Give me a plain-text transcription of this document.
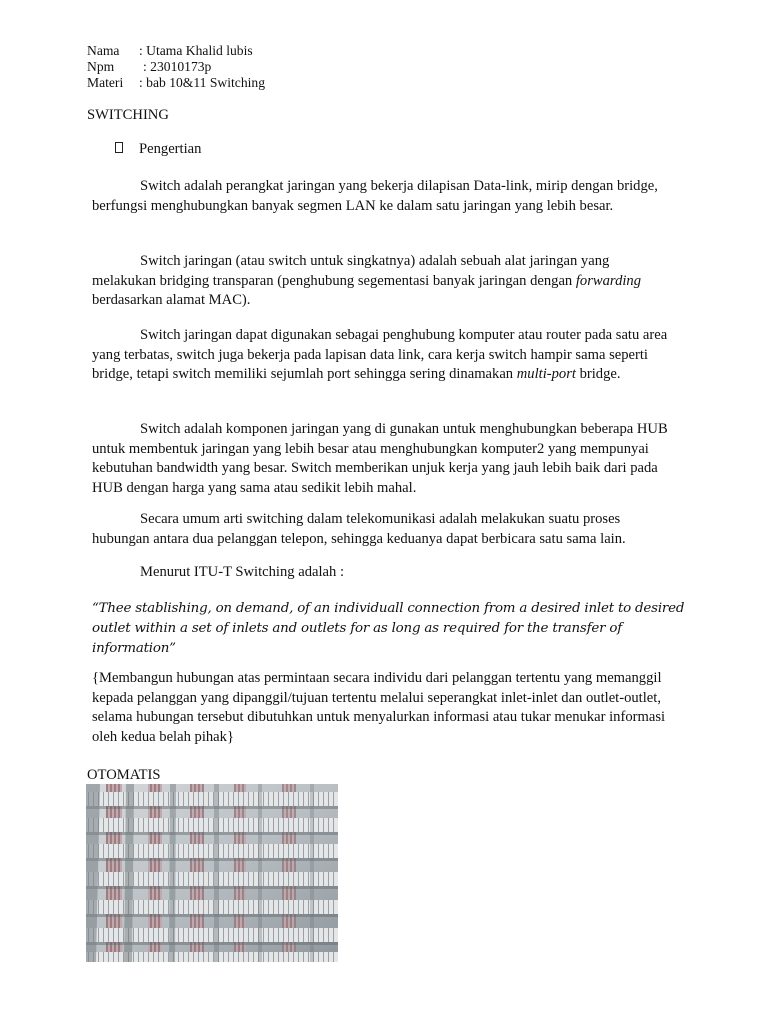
Nama : Utama Khalid lubis
Npm : 23010173p
Materi : bab 10&11 Switching
SWITCHING
Pengertian
Switch adalah perangkat jaringan yang bekerja dilapisan Data-link, mirip dengan bridge, berfungsi menghubungkan banyak segmen LAN ke dalam satu jaringan yang lebih besar.
Switch jaringan (atau switch untuk singkatnya) adalah sebuah alat jaringan yang melakukan bridging transparan (penghubung segementasi banyak jaringan dengan forwarding berdasarkan alamat MAC).
Switch jaringan dapat digunakan sebagai penghubung komputer atau router pada satu area yang terbatas, switch juga bekerja pada lapisan data link, cara kerja switch hampir sama seperti bridge, tetapi switch memiliki sejumlah port sehingga sering dinamakan multi-port bridge.
Switch adalah komponen jaringan yang di gunakan untuk menghubungkan beberapa HUB untuk membentuk jaringan yang lebih besar atau menghubungkan komputer2 yang mempunyai kebutuhan bandwidth yang besar. Switch memberikan unjuk kerja yang jauh lebih baik dari pada HUB dengan harga yang sama atau sedikit lebih mahal.
Secara umum arti switching dalam telekomunikasi adalah melakukan suatu proses hubungan antara dua pelanggan telepon, sehingga keduanya dapat berbicara satu sama lain.
Menurut ITU-T Switching adalah :
“Thee stablishing, on demand, of an individuall connection from a desired inlet to desired outlet within a set of inlets and outlets for as long as required for the transfer of information”
{Membangun hubungan atas permintaan secara individu dari pelanggan tertentu yang memanggil kepada pelanggan yang dipanggil/tujuan tertentu melalui seperangkat inlet-inlet dan outlet-outlet, selama hubungan tersebut dibutuhkan untuk menyalurkan informasi atau tukar menukar informasi oleh kedua belah pihak}
OTOMATIS
